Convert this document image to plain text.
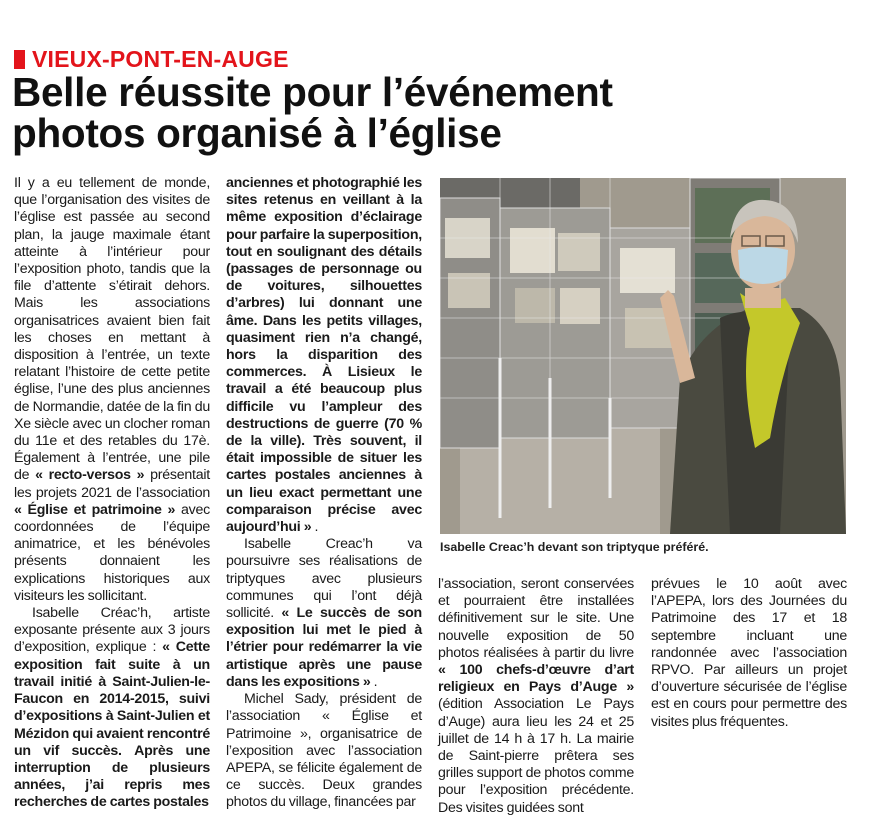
VIEUX-PONT-EN-AUGE
Belle réussite pour l’événement
photos organisé à l’église

Il y a eu tellement de monde, que l’organisation des visites de l’église est passée au second plan, la jauge maximale étant atteinte à l’intérieur pour l’exposition photo, tandis que la file d’attente s’étirait dehors. Mais	les	associations organisatrices avaient bien fait les choses en mettant à disposition à l’entrée, un texte relatant l’histoire de cette petite église, l’une des plus anciennes de Normandie, datée de la fin du Xe siècle avec un clocher roman du 11e et des retables du 17è. Également à l’entrée, une pile de « recto-versos » présentait les projets 2021 de l’association « Église et patrimoine » avec coordonnées de l’équipe animatrice, et les bénévoles présents donnaient les explications historiques aux visiteurs les sollicitant.

Isabelle Créac’h, artiste exposante présente aux 3 jours d’exposition, explique : « Cette exposition fait suite à un travail initié à Saint-Julien-le-Faucon en 2014-2015, suivi d’expositions à Saint-Julien et Mézidon qui avaient rencontré un vif succès. Après une interruption de plusieurs années, j’ai repris mes recherches de cartes postales

anciennes et photographié les sites retenus en veillant à la même exposition d’éclairage pour parfaire la superposition, tout en soulignant des détails (passages de personnage ou de voitures, silhouettes d’arbres) lui donnant une âme. Dans les petits villages, quasiment rien n’a changé, hors la disparition des commerces. À Lisieux le travail a été beaucoup plus difficile vu l’ampleur des destructions de guerre (70 % de la ville). Très souvent, il était impossible de situer les cartes postales anciennes à un lieu exact permettant une comparaison précise avec aujourd’hui » .

Isabelle Creac’h va poursuivre ses réalisations de triptyques avec plusieurs communes qui l’ont déjà sollicité. « Le succès de son exposition lui met le pied à l’étrier pour redémarrer la vie artistique après une pause dans les expositions » .

Michel Sady, président de l’association « Église et Patrimoine », organisatrice de l’exposition avec l’association APEPA, se félicite également de ce succès. Deux grandes photos du village, financées par

l’association, seront conservées et pourraient être installées définitivement sur le site. Une nouvelle exposition de 50 photos réalisées à partir du livre « 100 chefs-d’œuvre d’art religieux en Pays d’Auge » (édition Association Le Pays d’Auge) aura lieu les 24 et 25 juillet de 14 h à 17 h. La mairie de Saint-pierre prêtera ses grilles support de photos comme pour l’exposition précédente. Des visites guidées sont

prévues le 10 août avec l’APEPA, lors des Journées du Patrimoine des 17 et 18 septembre incluant une randonnée avec l’association RPVO. Par ailleurs un projet d’ouverture sécurisée de l’église est en cours pour permettre des visites plus fréquentes.

Isabelle Creac’h devant son triptyque préféré.
